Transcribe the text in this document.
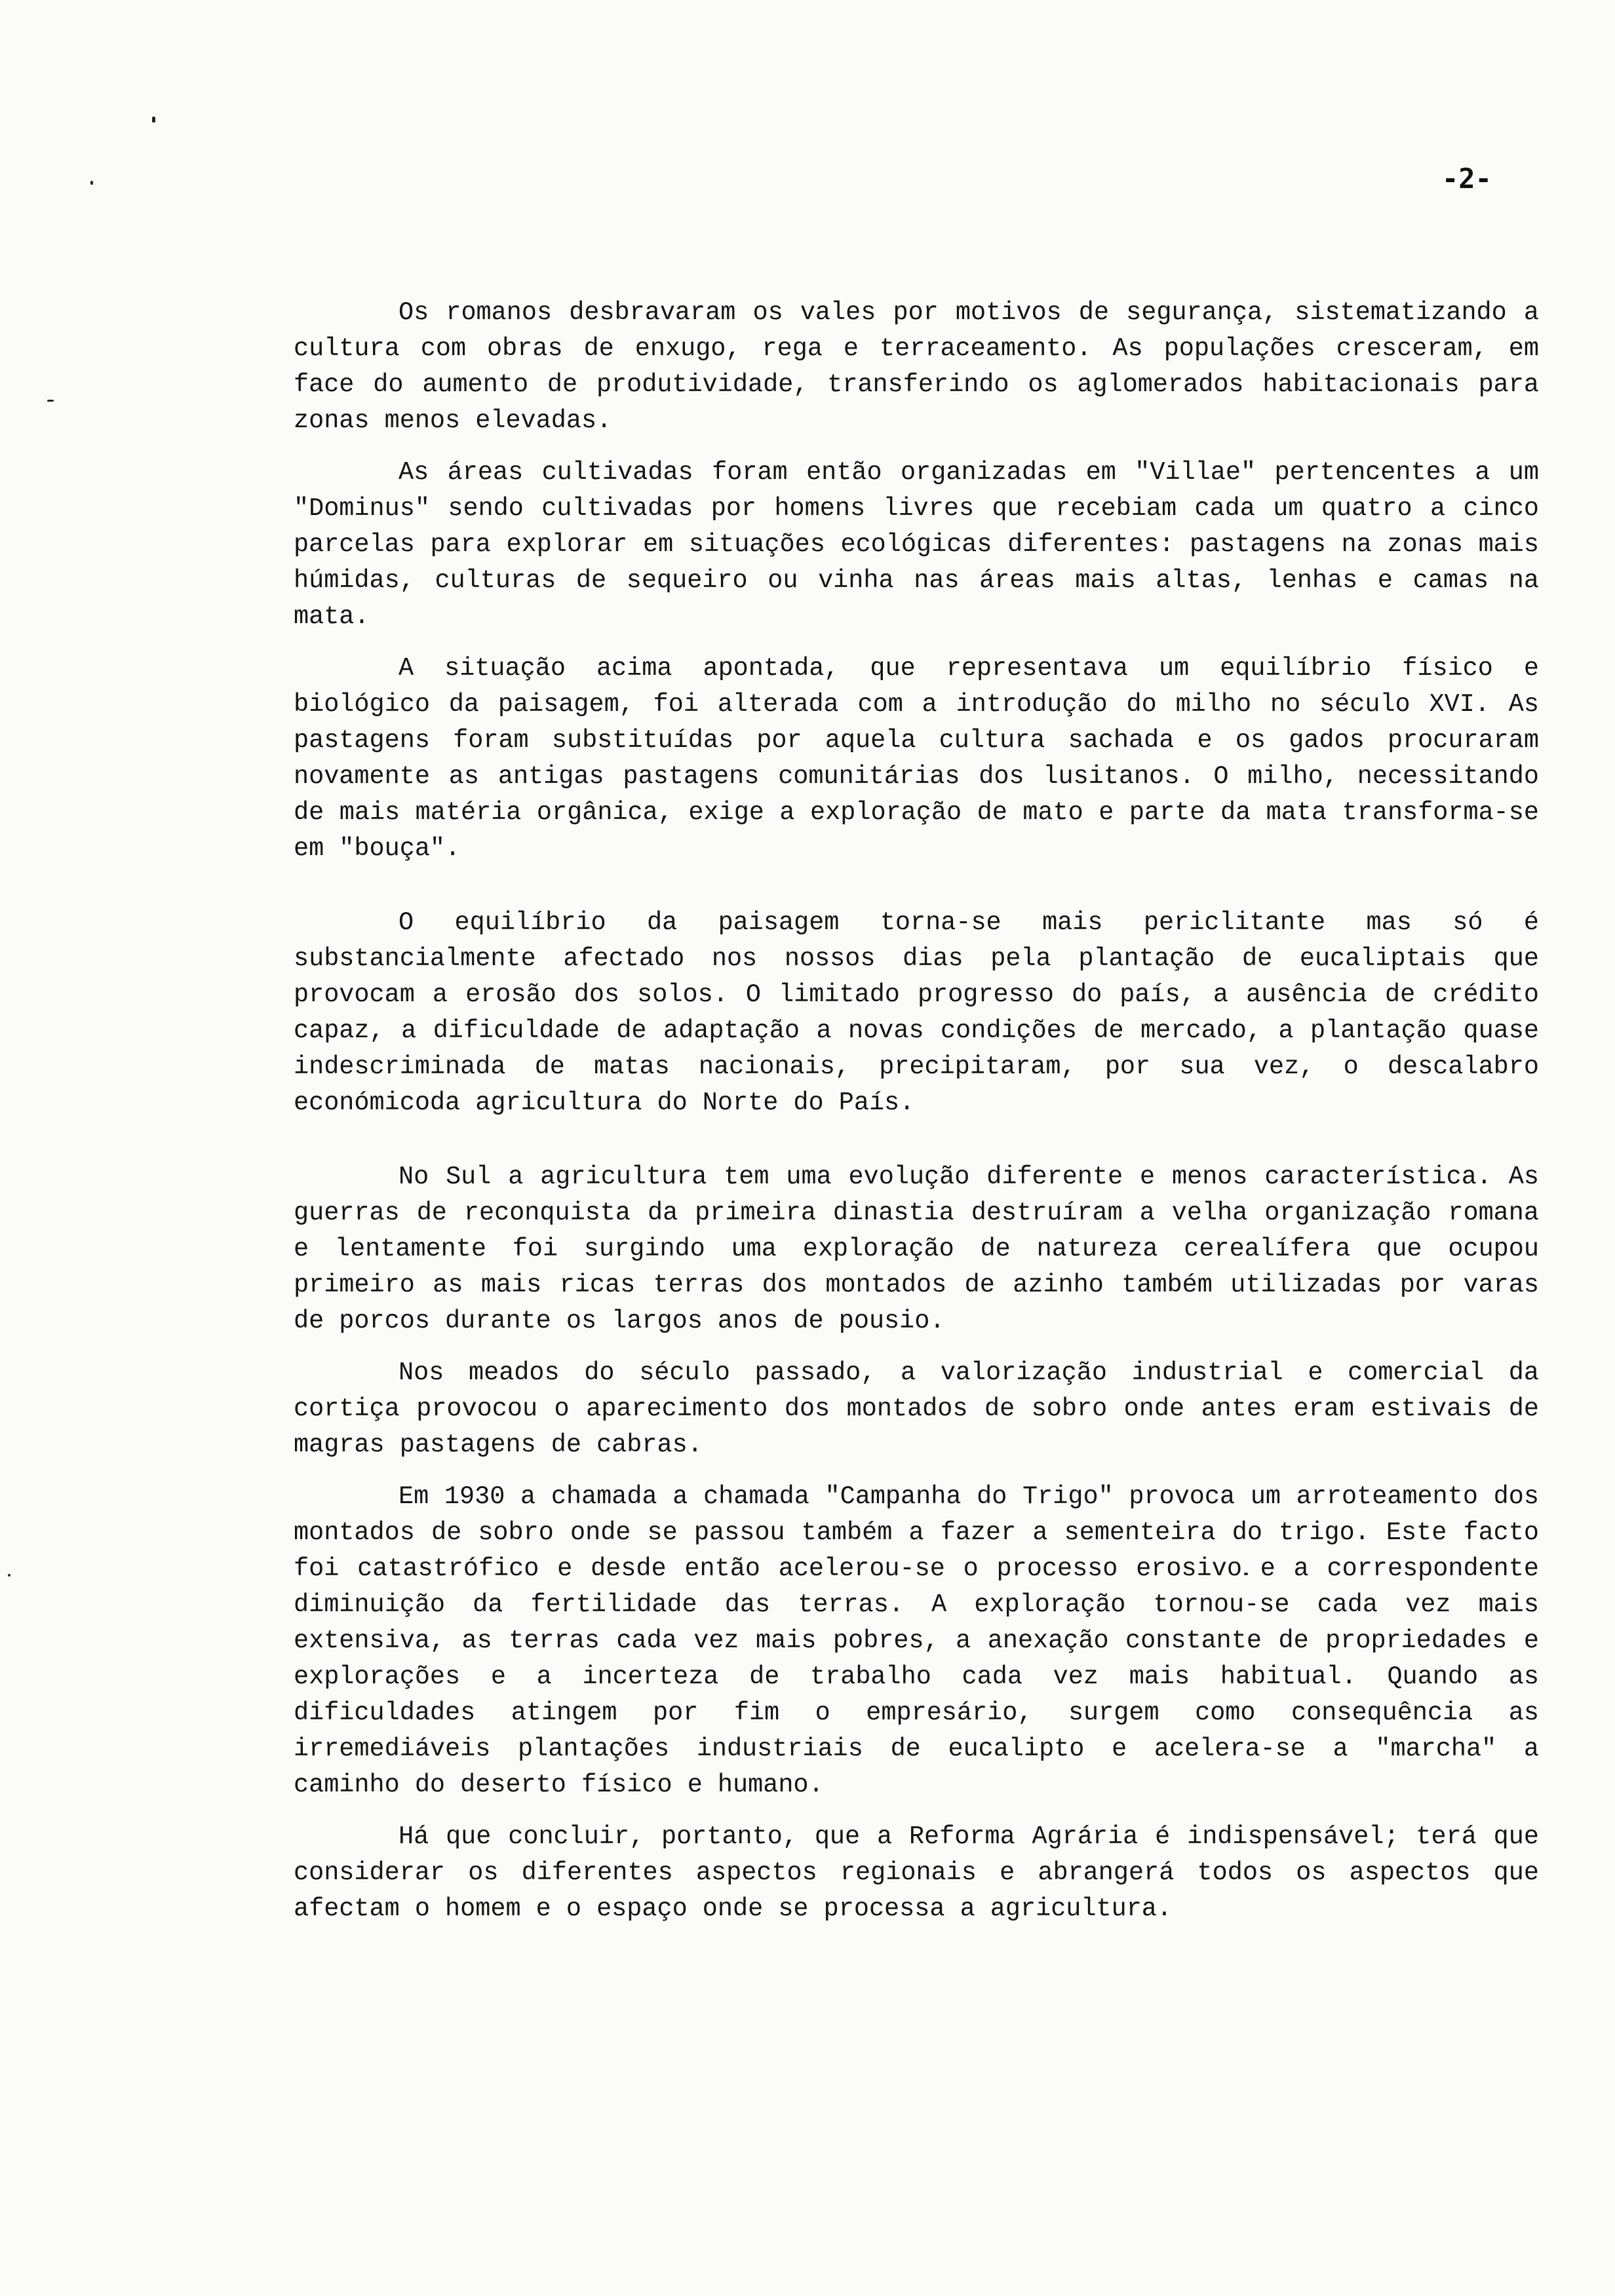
-2-

Os romanos desbravaram os vales por motivos de segurança, sistematizando a cultura com obras de enxugo, rega e terraceamento. As populações cresceram, em face do aumento de produtividade, transferindo os aglomerados habitacionais para zonas menos elevadas.

As áreas cultivadas foram então organizadas em "Villae" pertencentes a um "Dominus" sendo cultivadas por homens livres que recebiam cada um quatro a cinco parcelas para explorar em situações ecológicas diferentes: pastagens na zonas mais húmidas, culturas de sequeiro ou vinha nas áreas mais altas, lenhas e camas na mata.

A situação acima apontada, que representava um equilíbrio físico e biológico da paisagem, foi alterada com a introdução do milho no século XVI. As pastagens foram substituídas por aquela cultura sachada e os gados procuraram novamente as antigas pastagens comunitárias dos lusitanos. O milho, necessitando de mais matéria orgânica, exige a exploração de mato e parte da mata transforma-se em "bouça".

O equilíbrio da paisagem torna-se mais periclitante mas só é substancialmente afectado nos nossos dias pela plantação de eucaliptais que provocam a erosão dos solos. O limitado progresso do país, a ausência de crédito capaz, a dificuldade de adaptação a novas condições de mercado, a plantação quase indescriminada de matas nacionais, precipitaram, por sua vez, o descalabro económicoda agricultura do Norte do País.

No Sul a agricultura tem uma evolução diferente e menos característica. As guerras de reconquista da primeira dinastia destruíram a velha organização romana e lentamente foi surgindo uma exploração de natureza cerealífera que ocupou primeiro as mais ricas terras dos montados de azinho também utilizadas por varas de porcos durante os largos anos de pousio.

Nos meados do século passado, a valorização industrial e comercial da cortiça provocou o aparecimento dos montados de sobro onde antes eram estivais de magras pastagens de cabras.

Em 1930 a chamada a chamada "Campanha do Trigo" provoca um arroteamento dos montados de sobro onde se passou também a fazer a sementeira do trigo. Este facto foi catastrófico e desde então acelerou-se o processo erosivo e a correspondente diminuição da fertilidade das terras. A exploração tornou-se cada vez mais extensiva, as terras cada vez mais pobres, a anexação constante de propriedades e explorações e a incerteza de trabalho cada vez mais habitual. Quando as dificuldades atingem por fim o empresário, surgem como consequência as irremediáveis plantações industriais de eucalipto e acelera-se a "marcha" a caminho do deserto físico e humano.

Há que concluir, portanto, que a Reforma Agrária é indispensável; terá que considerar os diferentes aspectos regionais e abrangerá todos os aspectos que afectam o homem e o espaço onde se processa a agricultura.
